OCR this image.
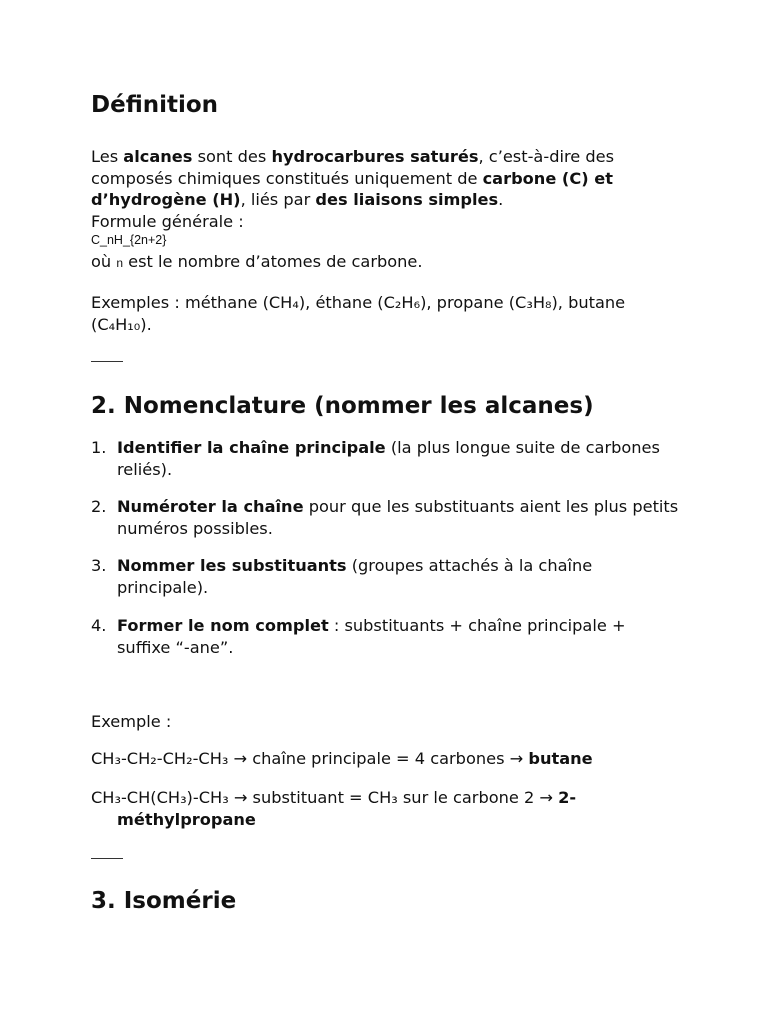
Définition

Les alcanes sont des hydrocarbures saturés, c’est-à-dire des composés chimiques constitués uniquement de carbone (C) et d’hydrogène (H), liés par des liaisons simples.
Formule générale :

C_nH_{2n+2}

où n est le nombre d’atomes de carbone.

Exemples : méthane (CH₄), éthane (C₂H₆), propane (C₃H₈), butane (C₄H₁₀).

2. Nomenclature (nommer les alcanes)
1. Identifier la chaîne principale (la plus longue suite de carbones reliés).
2. Numéroter la chaîne pour que les substituants aient les plus petits numéros possibles.
3. Nommer les substituants (groupes attachés à la chaîne principale).
4. Former le nom complet : substituants + chaîne principale + suffixe “-ane”.

Exemple :

CH₃-CH₂-CH₂-CH₃ → chaîne principale = 4 carbones → butane
CH₃-CH(CH₃)-CH₃ → substituant = CH₃ sur le carbone 2 → 2-méthylpropane
3. Isomérie
